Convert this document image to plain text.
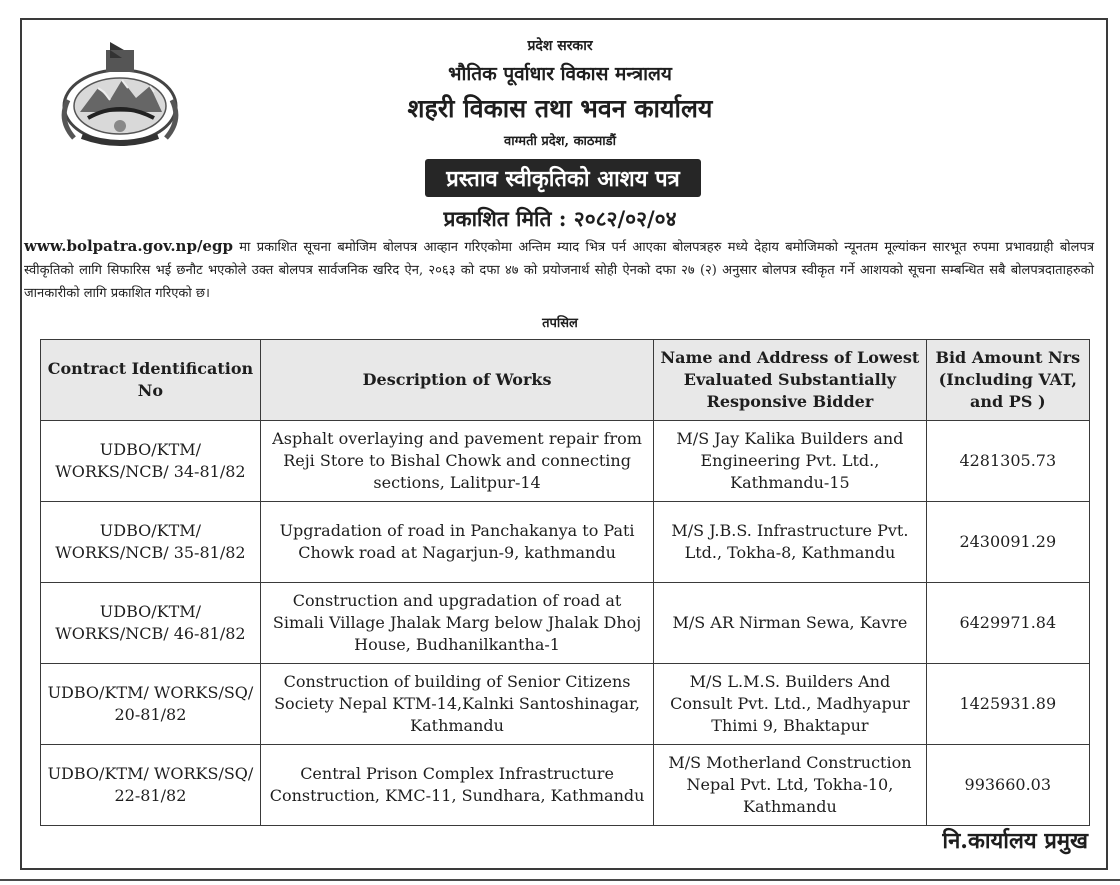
प्रदेश सरकार
भौतिक पूर्वाधार विकास मन्त्रालय
शहरी विकास तथा भवन कार्यालय
वाग्मती प्रदेश, काठमाडौं
प्रस्ताव स्वीकृतिको आशय पत्र
प्रकाशित मिति : २०८२/०२/०४
www.bolpatra.gov.np/egp मा प्रकाशित सूचना बमोजिम बोलपत्र आव्हान गरिएकोमा अन्तिम म्याद भित्र पर्न आएका बोलपत्रहरु मध्ये देहाय बमोजिमको न्यूनतम मूल्यांकन सारभूत रुपमा प्रभावग्राही बोलपत्र स्वीकृतिको लागि सिफारिस भई छनौट भएकोले उक्त बोलपत्र सार्वजनिक खरिद ऐन, २०६३ को दफा ४७ को प्रयोजनार्थ सोही ऐनको दफा २७ (२) अनुसार बोलपत्र स्वीकृत गर्ने आशयको सूचना सम्बन्धित सबै बोलपत्रदाताहरुको जानकारीको लागि प्रकाशित गरिएको छ।
तपसिल
Contract Identification No	Description of Works	Name and Address of Lowest Evaluated Substantially Responsive Bidder	Bid Amount Nrs (Including VAT, and PS )
UDBO/KTM/ WORKS/NCB/ 34-81/82	Asphalt overlaying and pavement repair from Reji Store to Bishal Chowk and connecting sections, Lalitpur-14	M/S Jay Kalika Builders and Engineering Pvt. Ltd., Kathmandu-15	4281305.73
UDBO/KTM/ WORKS/NCB/ 35-81/82	Upgradation of road in Panchakanya to Pati Chowk road at Nagarjun-9, kathmandu	M/S J.B.S. Infrastructure Pvt. Ltd., Tokha-8, Kathmandu	2430091.29
UDBO/KTM/ WORKS/NCB/ 46-81/82	Construction and upgradation of road at Simali Village Jhalak Marg below Jhalak Dhoj House, Budhanilkantha-1	M/S AR Nirman Sewa, Kavre	6429971.84
UDBO/KTM/ WORKS/SQ/ 20-81/82	Construction of building of Senior Citizens Society Nepal KTM-14,Kalnki Santoshinagar, Kathmandu	M/S L.M.S. Builders And Consult Pvt. Ltd., Madhyapur Thimi 9, Bhaktapur	1425931.89
UDBO/KTM/ WORKS/SQ/ 22-81/82	Central Prison Complex Infrastructure Construction, KMC-11, Sundhara, Kathmandu	M/S Motherland Construction Nepal Pvt. Ltd, Tokha-10, Kathmandu	993660.03
नि.कार्यालय प्रमुख
